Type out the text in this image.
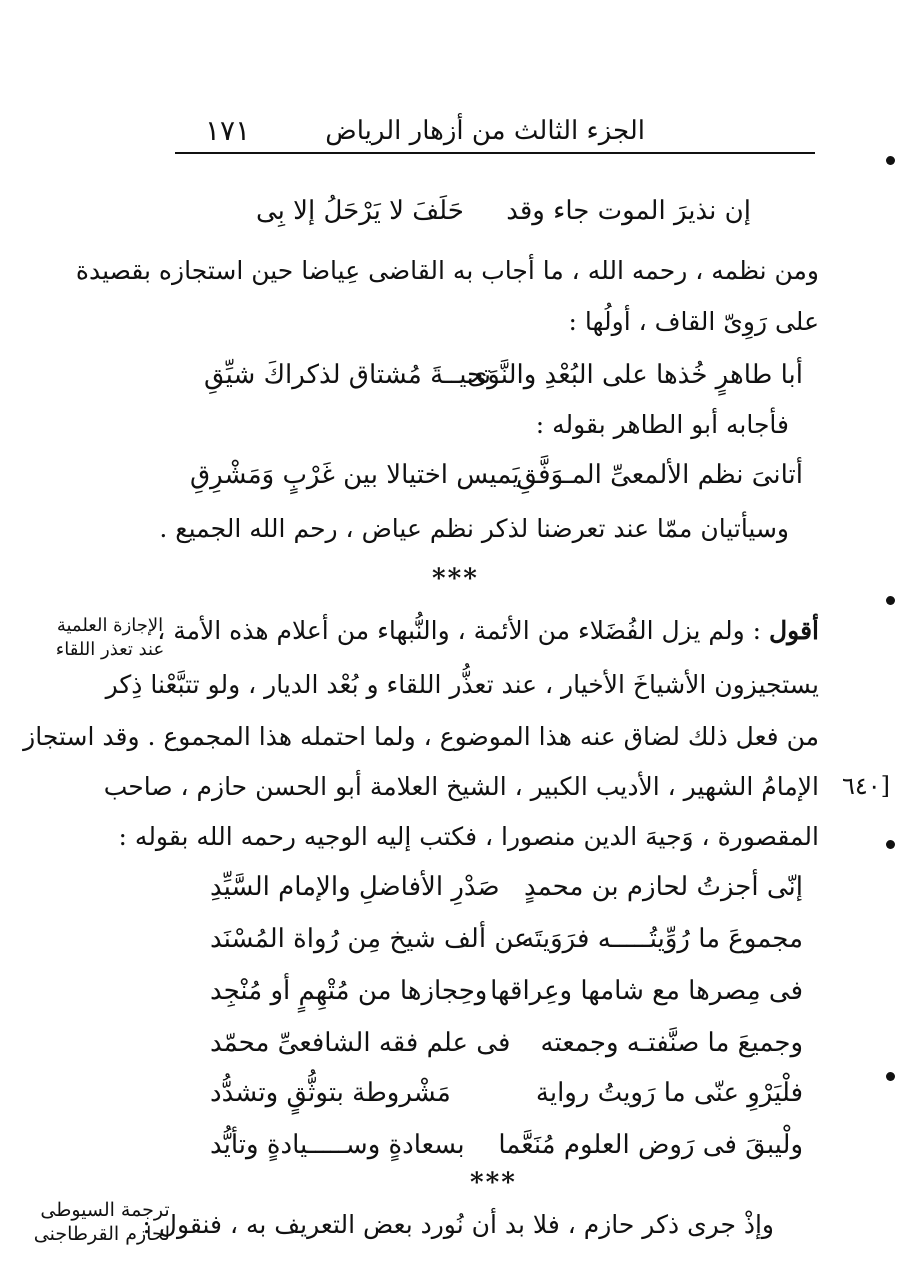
١٧١	الجزء الثالث من أزهار الرياض
إن نذيرَ الموت جاء وقد
حَلَفَ لا يَرْحَلُ إلا بِى
ومن نظمه ، رحمه الله ، ما أجاب به القاضى عِياضا حين استجازه بقصيدة
على رَوِىّ القاف ، أولُها :
أبا طاهرٍ خُذها على البُعْدِ والنَّوَى
تحيــةَ مُشتاق لذكراكَ شيِّقِ
فأجابه أبو الطاهر بقوله :
أتانىَ نظم الألمعىِّ المـوَفَّقِ
يَميس اختيالا بين غَرْبٍ وَمَشْرِقِ
وسيأتيان ممّا عند تعرضنا لذكر نظم عياض ، رحم الله الجميع .
***
الإجازة العلمية
عند تعذر اللقاء
أقول : ولم يزل الفُضَلاء من الأئمة ، والنُّبهاء من أعلام هذه الأمة ،
يستجيزون الأشياخَ الأخيار ، عند تعذُّر اللقاء و بُعْد الديار ، ولو تتبَّعْنا ذِكر
من فعل ذلك لضاق عنه هذا الموضوع ، ولما احتمله هذا المجموع . وقد استجاز
[٦٤٠
الإمامُ الشهير ، الأديب الكبير ، الشيخ العلامة أبو الحسن حازم ، صاحب
المقصورة ، وَجيهَ الدين منصورا ، فكتب إليه الوجيه رحمه الله بقوله :
إنّى أجزتُ لحازم بن محمدٍ
صَدْرِ الأفاضلِ والإمام السَّيِّدِ
مجموعَ ما رُوِّيتُـــــه فرَوَيتَه
عن ألف شيخ مِن رُواة المُسْنَد
فى مِصرها مع شامها وعِراقها
وحِجازها من مُتْهِمٍ أو مُنْجِد
وجميعَ ما صنَّفتـه وجمعته
فى علم فقه الشافعىِّ محمّد
فلْيَرْوِ عنّى ما رَويتُ رواية
مَشْروطة بتوثُّقٍ وتشدُّد
ولْيبقَ فى رَوض العلوم مُنَعَّما
بسعادةٍ وســـــيادةٍ وتأيُّد
***
ترجمة السيوطى
لحازم القرطاجنى
وإذْ جرى ذكر حازم ، فلا بد أن نُورد بعض التعريف به ، فنقول :
